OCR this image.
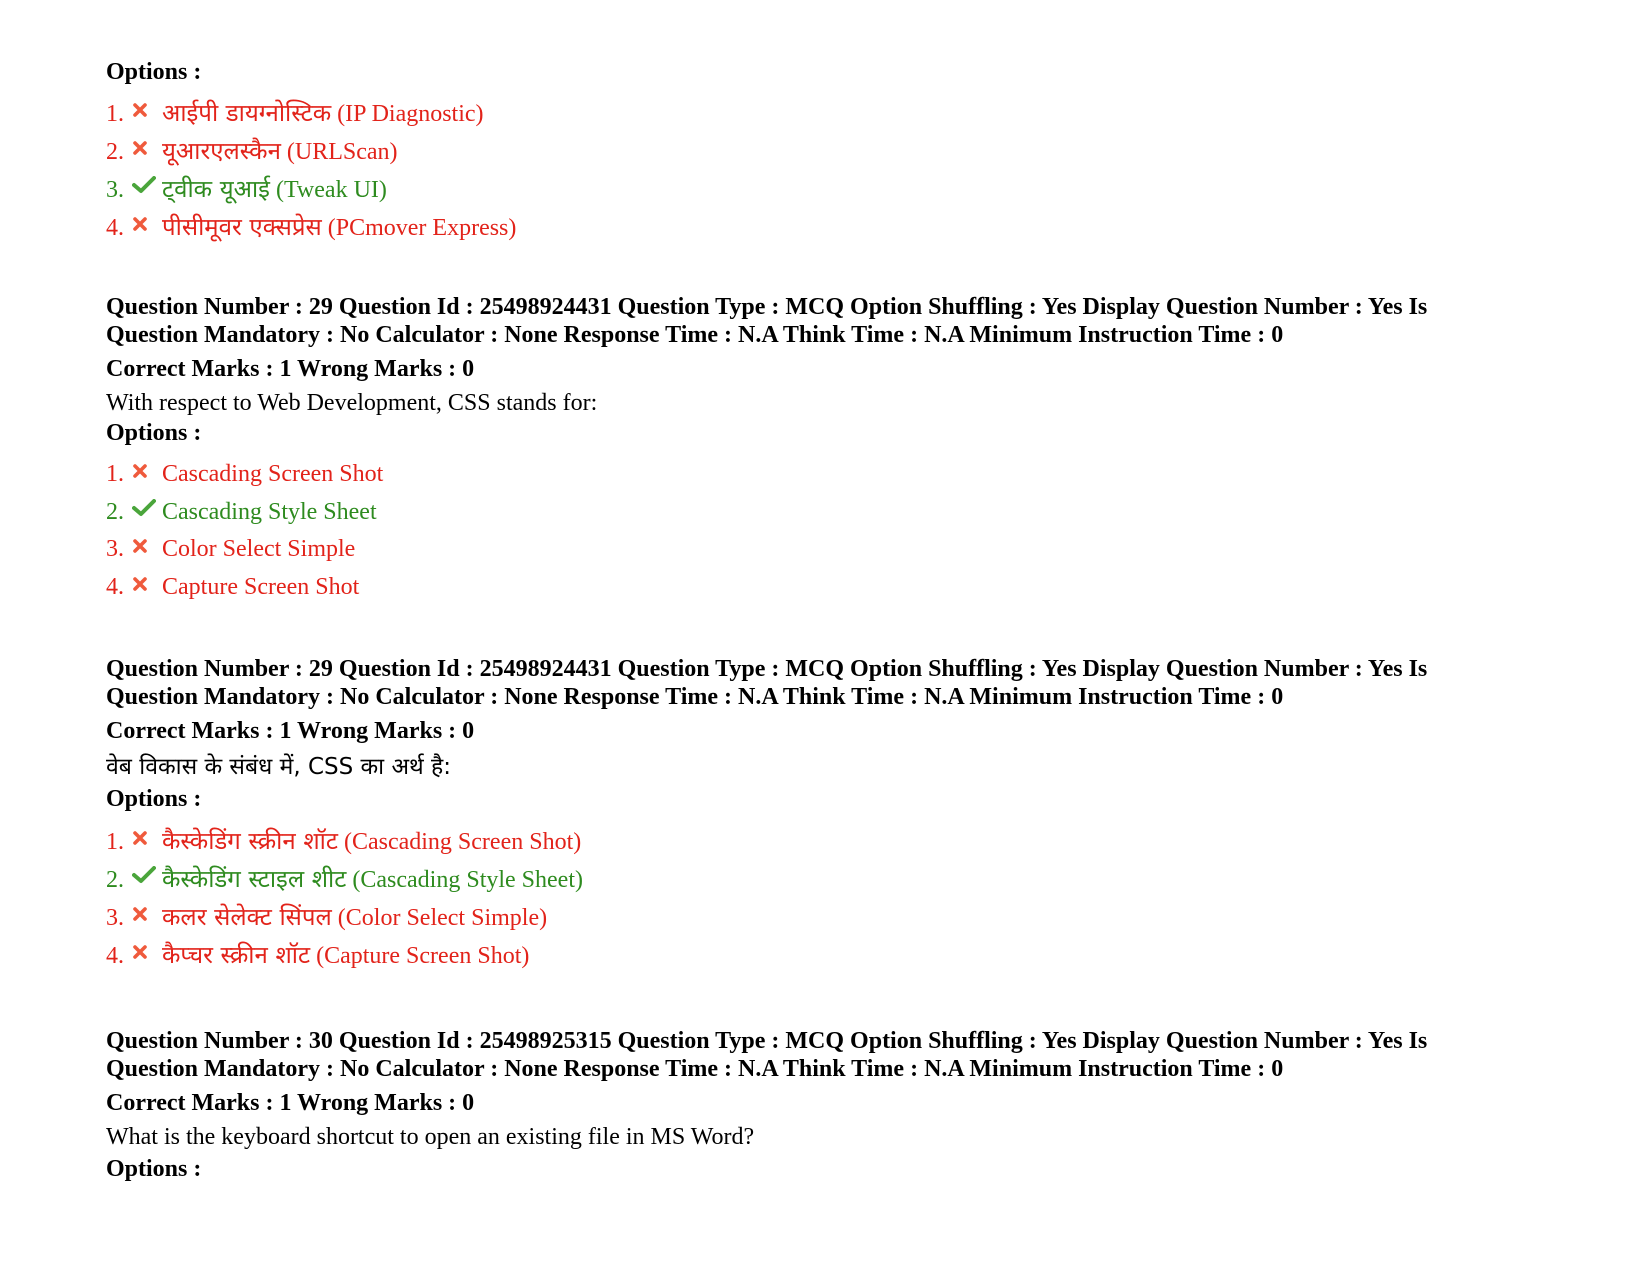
Options :
1. आईपी डायग्नोस्टिक (IP Diagnostic)
2. यूआरएलस्कैन (URLScan)
3. ट्वीक यूआई (Tweak UI)
4. पीसीमूवर एक्सप्रेस (PCmover Express)
Question Number : 29 Question Id : 25498924431 Question Type : MCQ Option Shuffling : Yes Display Question Number : Yes Is
Question Mandatory : No Calculator : None Response Time : N.A Think Time : N.A Minimum Instruction Time : 0
Correct Marks : 1 Wrong Marks : 0
With respect to Web Development, CSS stands for:
Options :
1. Cascading Screen Shot
2. Cascading Style Sheet
3. Color Select Simple
4. Capture Screen Shot
Question Number : 29 Question Id : 25498924431 Question Type : MCQ Option Shuffling : Yes Display Question Number : Yes Is
Question Mandatory : No Calculator : None Response Time : N.A Think Time : N.A Minimum Instruction Time : 0
Correct Marks : 1 Wrong Marks : 0
वेब विकास के संबंध में, CSS का अर्थ है:
Options :
1. कैस्केडिंग स्क्रीन शॉट (Cascading Screen Shot)
2. कैस्केडिंग स्टाइल शीट (Cascading Style Sheet)
3. कलर सेलेक्ट सिंपल (Color Select Simple)
4. कैप्चर स्क्रीन शॉट (Capture Screen Shot)
Question Number : 30 Question Id : 25498925315 Question Type : MCQ Option Shuffling : Yes Display Question Number : Yes Is
Question Mandatory : No Calculator : None Response Time : N.A Think Time : N.A Minimum Instruction Time : 0
Correct Marks : 1 Wrong Marks : 0
What is the keyboard shortcut to open an existing file in MS Word?
Options :
